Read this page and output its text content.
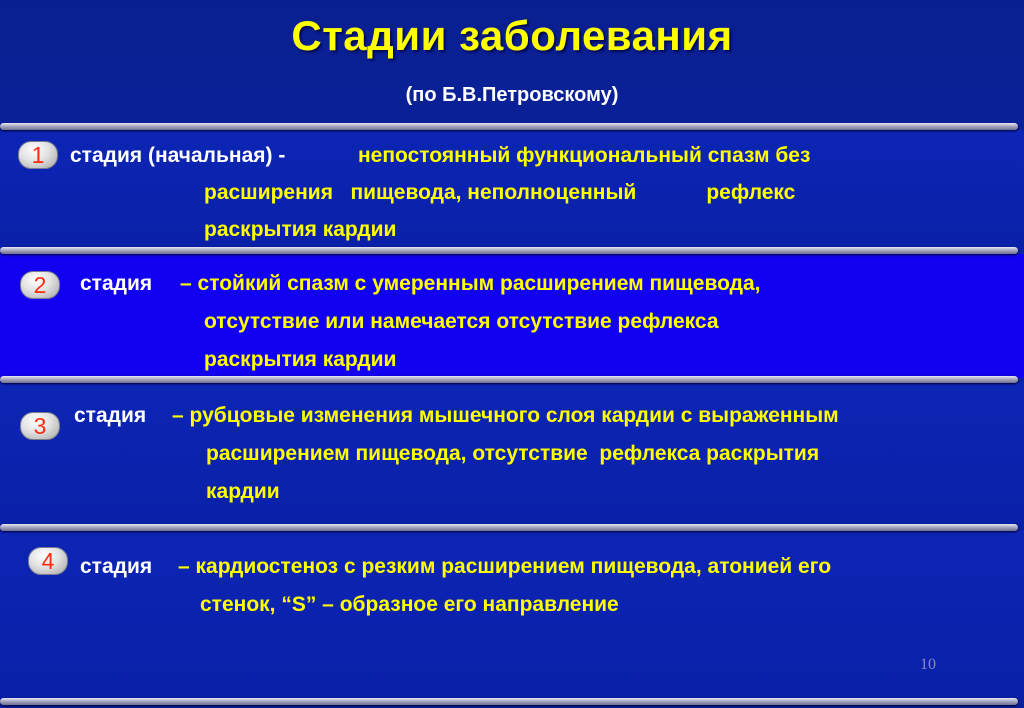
Стадии заболевания
(по Б.В.Петровскому)
1	стадия (начальная) -	непостоянный функциональный спазм без
расширения   пищевода, неполноценный            рефлекс
раскрытия кардии
2	стадия – стойкий спазм с умеренным расширением пищевода,
отсутствие или намечается отсутствие рефлекса
раскрытия кардии
3	стадия – рубцовые изменения мышечного слоя кардии с выраженным
расширением пищевода, отсутствие  рефлекса раскрытия
кардии
4	стадия – кардиостеноз с резким расширением пищевода, атонией его
стенок, “S” – образное его направление
10
